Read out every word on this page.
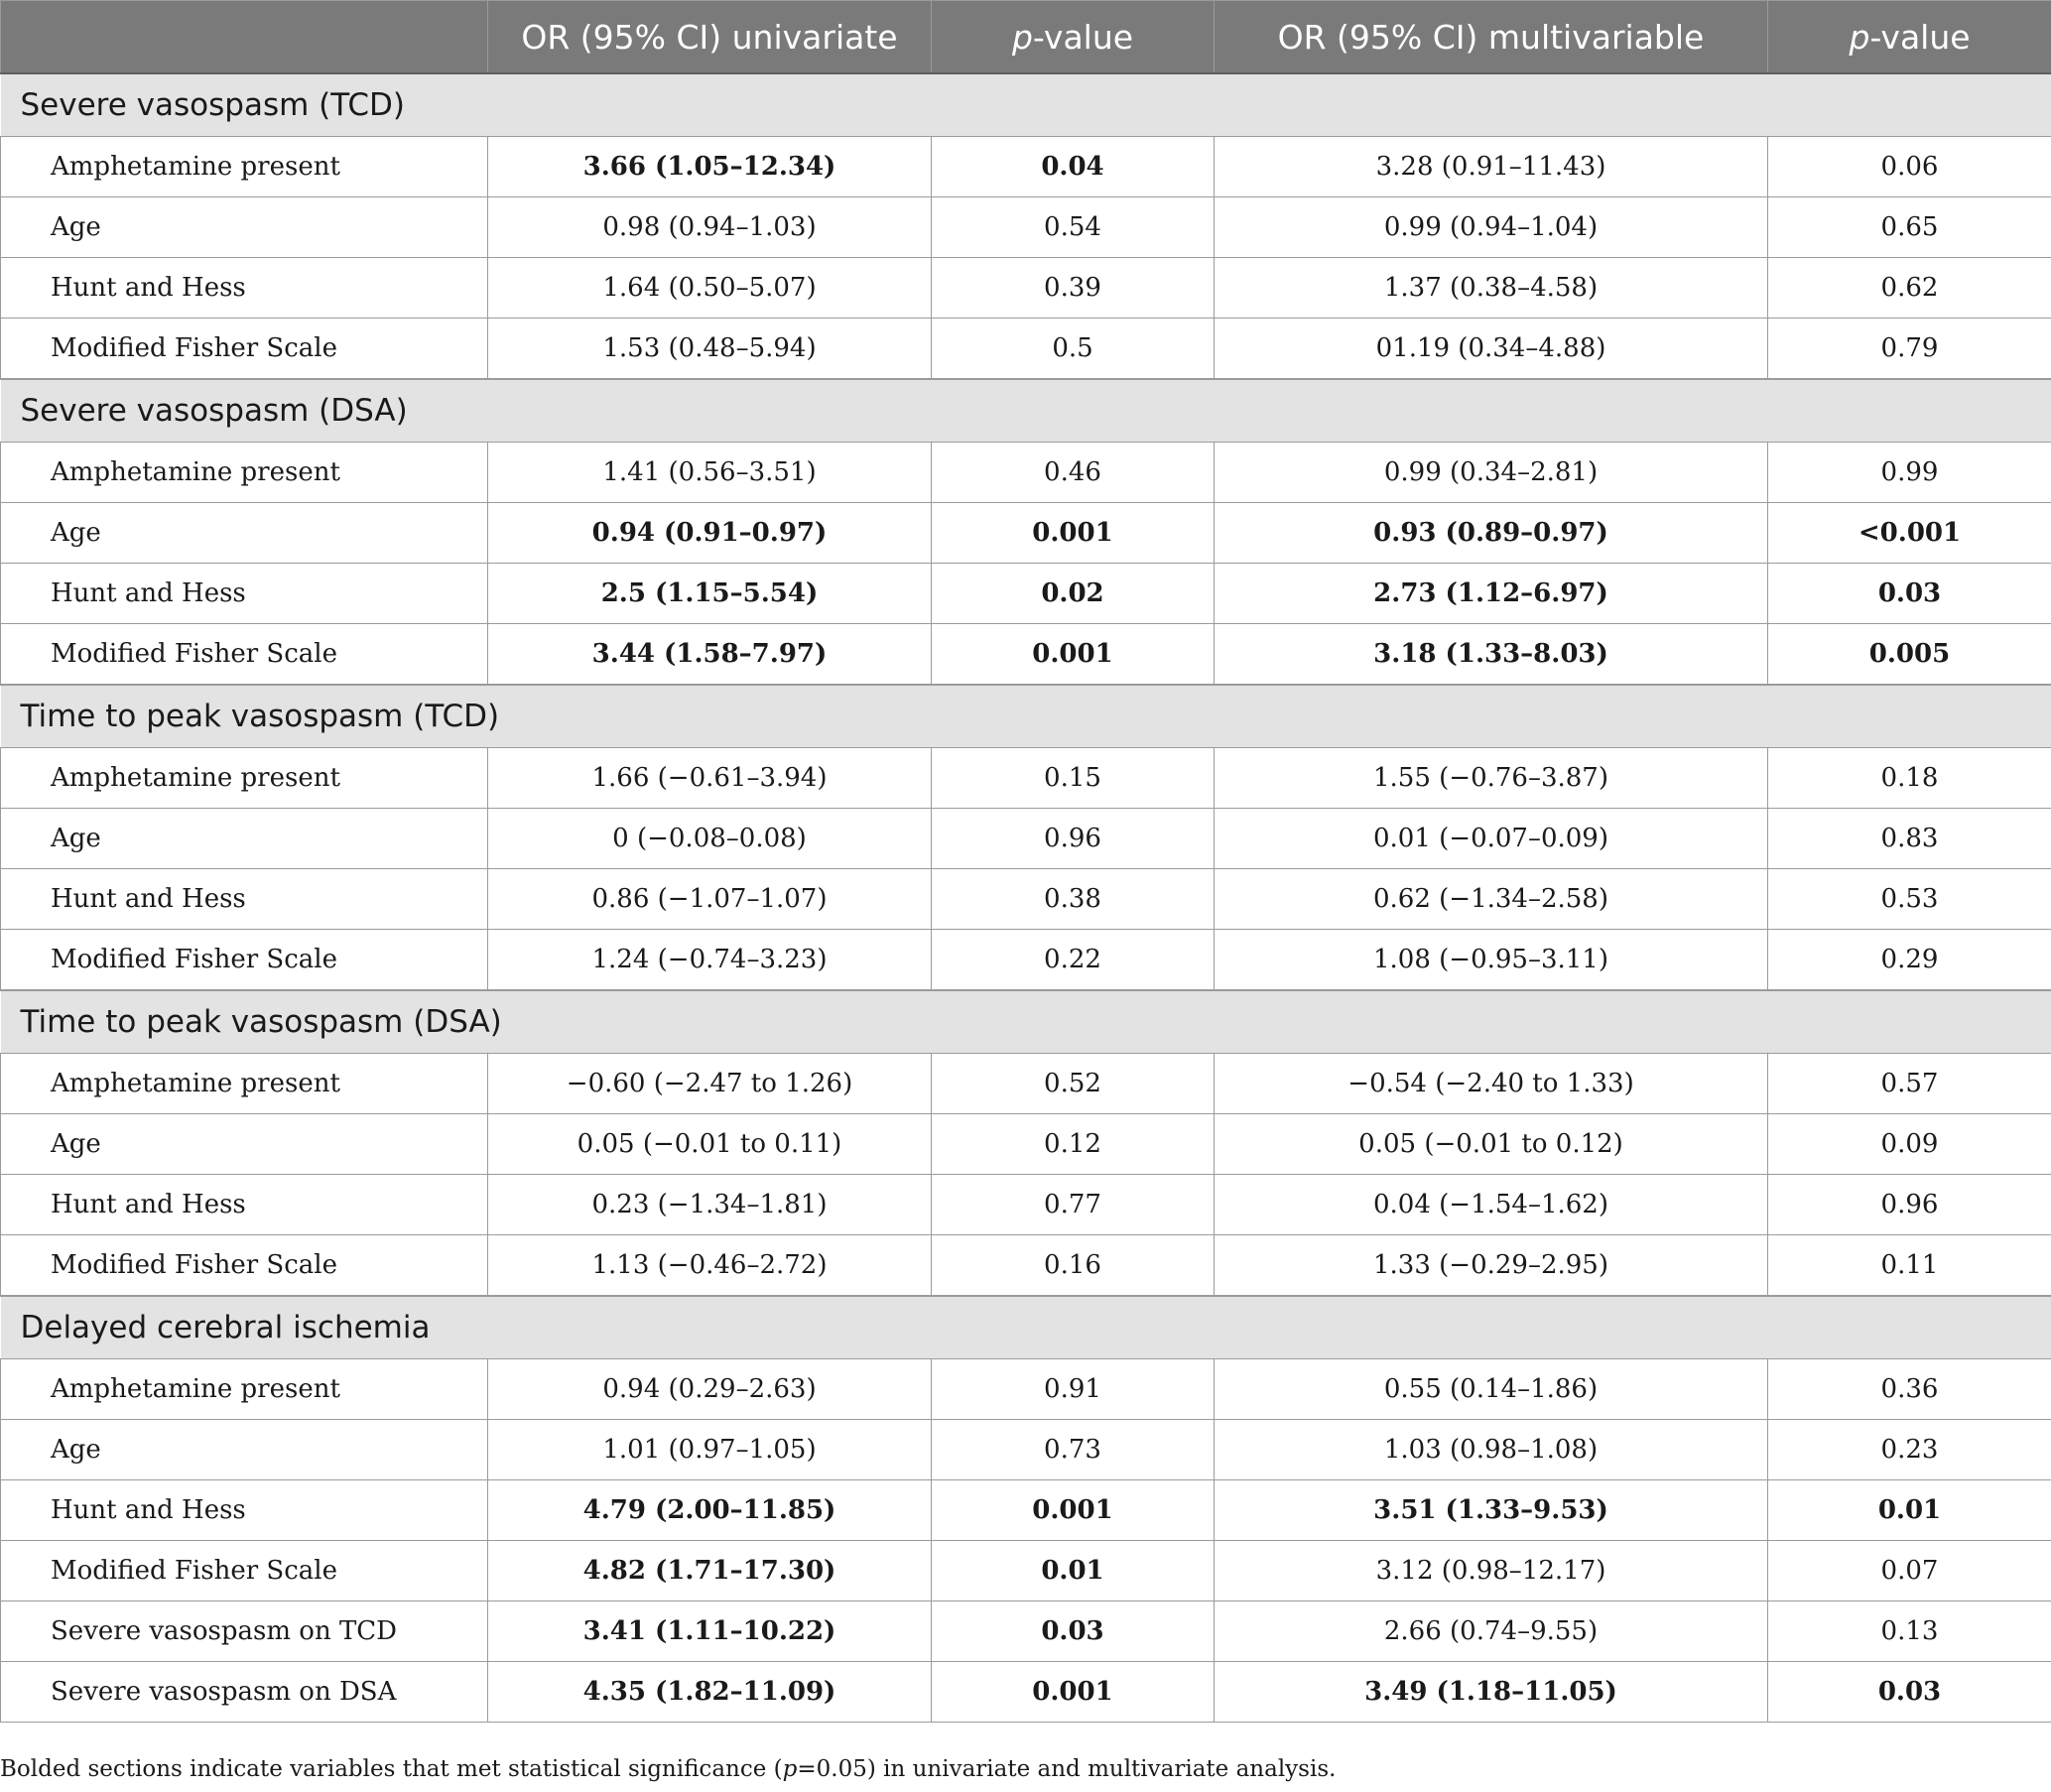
	OR (95% CI) univariate	p-value	OR (95% CI) multivariable	p-value
Severe vasospasm (TCD)				
Amphetamine present	3.66 (1.05–12.34)	0.04	3.28 (0.91–11.43)	0.06
Age	0.98 (0.94–1.03)	0.54	0.99 (0.94–1.04)	0.65
Hunt and Hess	1.64 (0.50–5.07)	0.39	1.37 (0.38–4.58)	0.62
Modified Fisher Scale	1.53 (0.48–5.94)	0.5	01.19 (0.34–4.88)	0.79
Severe vasospasm (DSA)				
Amphetamine present	1.41 (0.56–3.51)	0.46	0.99 (0.34–2.81)	0.99
Age	0.94 (0.91–0.97)	0.001	0.93 (0.89–0.97)	<0.001
Hunt and Hess	2.5 (1.15–5.54)	0.02	2.73 (1.12–6.97)	0.03
Modified Fisher Scale	3.44 (1.58–7.97)	0.001	3.18 (1.33–8.03)	0.005
Time to peak vasospasm (TCD)				
Amphetamine present	1.66 (−0.61–3.94)	0.15	1.55 (−0.76–3.87)	0.18
Age	0 (−0.08–0.08)	0.96	0.01 (−0.07–0.09)	0.83
Hunt and Hess	0.86 (−1.07–1.07)	0.38	0.62 (−1.34–2.58)	0.53
Modified Fisher Scale	1.24 (−0.74–3.23)	0.22	1.08 (−0.95–3.11)	0.29
Time to peak vasospasm (DSA)				
Amphetamine present	−0.60 (−2.47 to 1.26)	0.52	−0.54 (−2.40 to 1.33)	0.57
Age	0.05 (−0.01 to 0.11)	0.12	0.05 (−0.01 to 0.12)	0.09
Hunt and Hess	0.23 (−1.34–1.81)	0.77	0.04 (−1.54–1.62)	0.96
Modified Fisher Scale	1.13 (−0.46–2.72)	0.16	1.33 (−0.29–2.95)	0.11
Delayed cerebral ischemia				
Amphetamine present	0.94 (0.29–2.63)	0.91	0.55 (0.14–1.86)	0.36
Age	1.01 (0.97–1.05)	0.73	1.03 (0.98–1.08)	0.23
Hunt and Hess	4.79 (2.00–11.85)	0.001	3.51 (1.33–9.53)	0.01
Modified Fisher Scale	4.82 (1.71–17.30)	0.01	3.12 (0.98–12.17)	0.07
Severe vasospasm on TCD	3.41 (1.11–10.22)	0.03	2.66 (0.74–9.55)	0.13
Severe vasospasm on DSA	4.35 (1.82–11.09)	0.001	3.49 (1.18–11.05)	0.03
Bolded sections indicate variables that met statistical significance (p=0.05) in univariate and multivariate analysis.
